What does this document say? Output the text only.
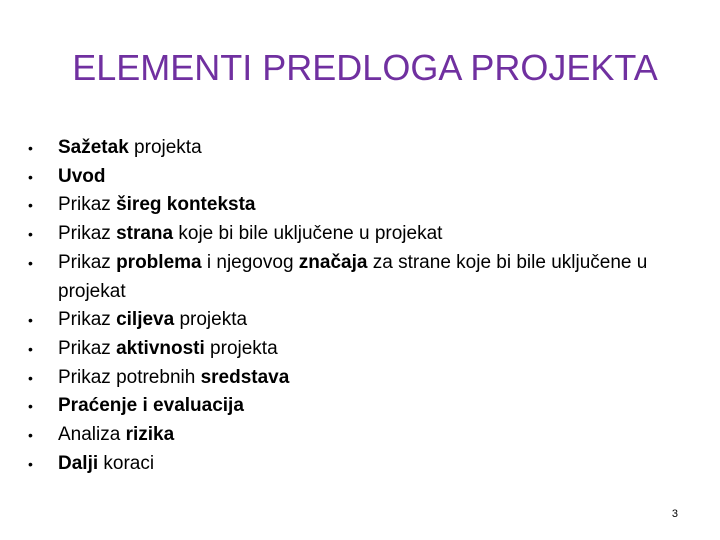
ELEMENTI PREDLOGA PROJEKTA
• Sažetak projekta
• Uvod
• Prikaz šireg konteksta
• Prikaz strana koje bi bile uključene u projekat
• Prikaz problema i njegovog značaja za strane koje bi bile uključene u projekat
• Prikaz ciljeva projekta
• Prikaz aktivnosti projekta
• Prikaz potrebnih sredstava
• Praćenje i evaluacija
• Analiza rizika
• Dalji koraci
3
